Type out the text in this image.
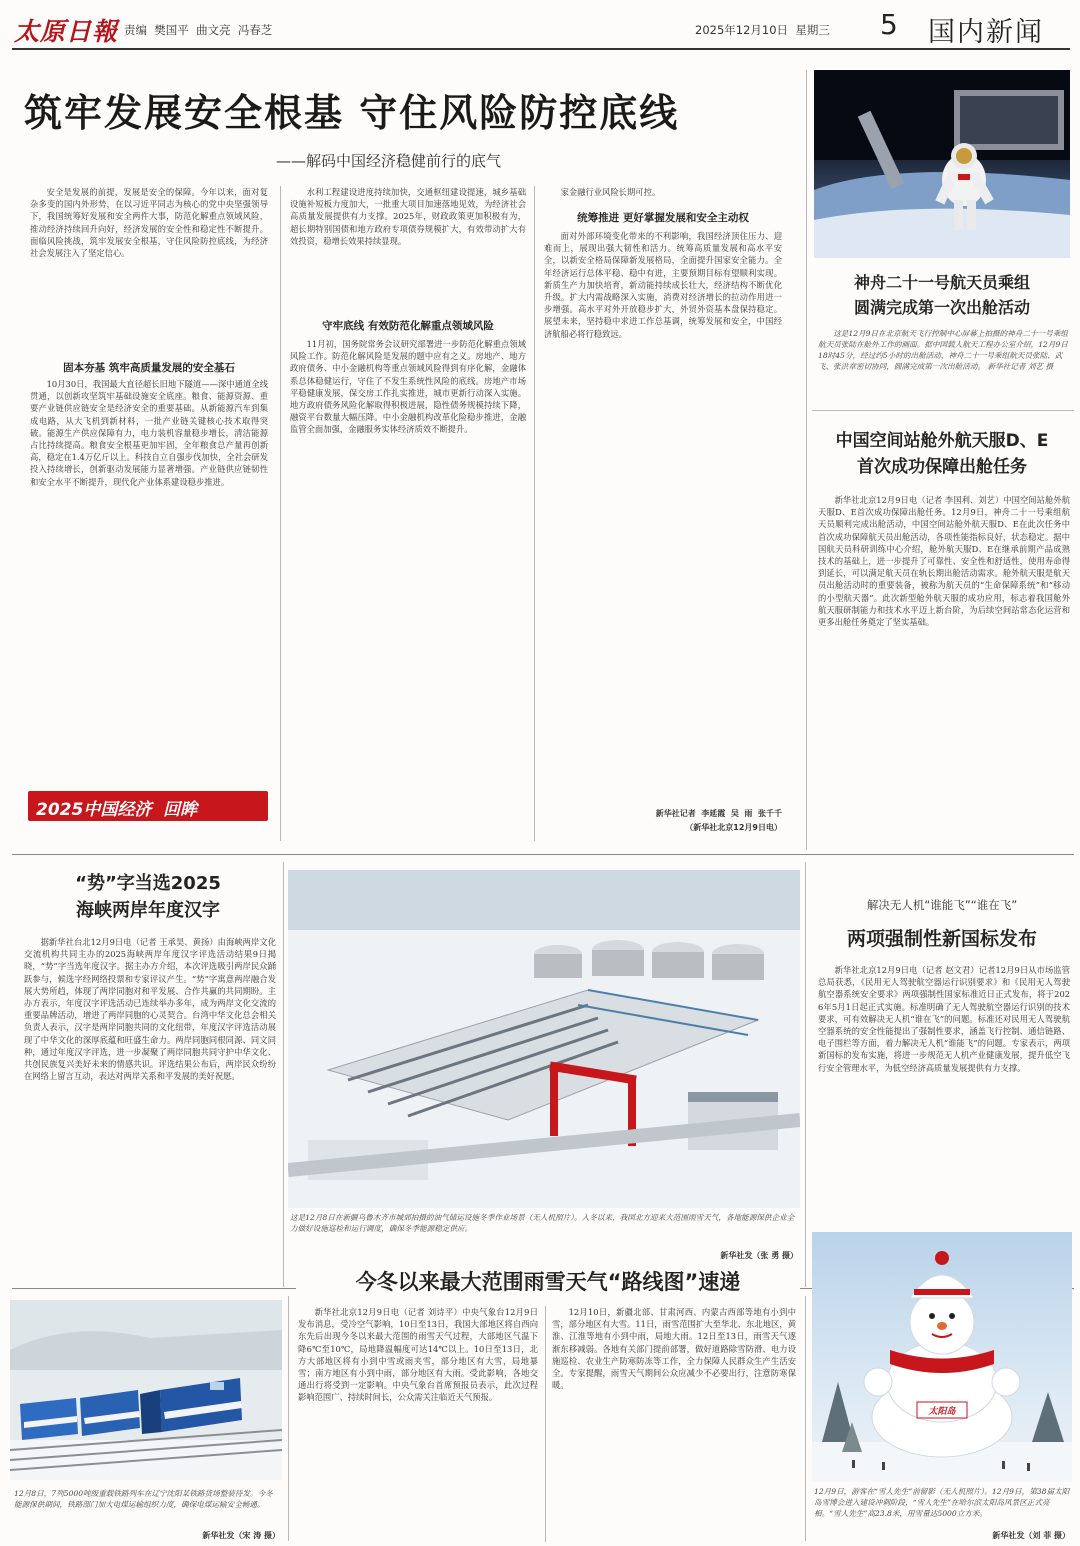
太原日報 责编  樊国平  曲文亮  冯春芝	2025年12月10日  星期三 5 国内新闻
筑牢发展安全根基 守住风险防控底线
——解码中国经济稳健前行的底气

安全是发展的前提，发展是安全的保障。今年以来，面对复杂多变的国内外形势，在以习近平同志为核心的党中央坚强领导下，我国统筹好发展和安全两件大事，防范化解重点领域风险，推动经济持续回升向好，经济发展的安全性和稳定性不断提升。面临风险挑战，筑牢发展安全根基，守住风险防控底线，为经济社会发展注入了坚定信心。

固本夯基 筑牢高质量发展的安全基石

10月30日，我国最大直径超长旧地下隧道——深中通道全线贯通，以创新攻坚筑牢基础设施安全底座。粮食、能源资源、重要产业链供应链安全是经济安全的重要基础。从新能源汽车到集成电路，从大飞机到新材料，一批产业链关键核心技术取得突破。能源生产供应保障有力，电力装机容量稳步增长，清洁能源占比持续提高。粮食安全根基更加牢固，全年粮食总产量再创新高，稳定在1.4万亿斤以上。科技自立自强步伐加快，全社会研发投入持续增长，创新驱动发展能力显著增强。产业链供应链韧性和安全水平不断提升，现代化产业体系建设稳步推进。

2025中国经济  回眸

水利工程建设进度持续加快，交通枢纽建设提速，城乡基础设施补短板力度加大，一批重大项目加速落地见效，为经济社会高质量发展提供有力支撑。2025年，财政政策更加积极有为，超长期特别国债和地方政府专项债券规模扩大，有效带动扩大有效投资，稳增长效果持续显现。

守牢底线 有效防范化解重点领域风险

11月初，国务院常务会议研究部署进一步防范化解重点领域风险工作。防范化解风险是发展的题中应有之义。房地产、地方政府债务、中小金融机构等重点领域风险得到有序化解，金融体系总体稳健运行，守住了不发生系统性风险的底线。房地产市场平稳健康发展，保交房工作扎实推进，城市更新行动深入实施。地方政府债务风险化解取得积极进展，隐性债务规模持续下降，融资平台数量大幅压降。中小金融机构改革化险稳步推进，金融监管全面加强，金融服务实体经济质效不断提升。

家金融行业风险长期可控。

统筹推进 更好掌握发展和安全主动权

面对外部环境变化带来的不利影响，我国经济顶住压力、迎难而上，展现出强大韧性和活力。统筹高质量发展和高水平安全，以新安全格局保障新发展格局，全面提升国家安全能力。全年经济运行总体平稳、稳中有进，主要预期目标有望顺利实现。新质生产力加快培育，新动能持续成长壮大，经济结构不断优化升级。扩大内需战略深入实施，消费对经济增长的拉动作用进一步增强。高水平对外开放稳步扩大，外贸外资基本盘保持稳定。展望未来，坚持稳中求进工作总基调，统筹发展和安全，中国经济航船必将行稳致远。

新华社记者  李延霞  吴  雨  张千千
（新华社北京12月9日电）
神舟二十一号航天员乘组
圆满完成第一次出舱活动

这是12月9日在北京航天飞行控制中心屏幕上拍摄的神舟二十一号乘组航天员张陆在舱外工作的画面。据中国载人航天工程办公室介绍，12月9日18时45分，经过约5小时的出舱活动，神舟二十一号乘组航天员张陆、武飞、张洪章密切协同，圆满完成第一次出舱活动。 新华社记者 刘艺 摄

中国空间站舱外航天服D、E
首次成功保障出舱任务

新华社北京12月9日电（记者 李国利、刘艺）中国空间站舱外航天服D、E首次成功保障出舱任务。12月9日，神舟二十一号乘组航天员顺利完成出舱活动，中国空间站舱外航天服D、E在此次任务中首次成功保障航天员出舱活动，各项性能指标良好，状态稳定。据中国航天员科研训练中心介绍，舱外航天服D、E在继承前期产品成熟技术的基础上，进一步提升了可靠性、安全性和舒适性，使用寿命得到延长，可以满足航天员在轨长期出舱活动需求。舱外航天服是航天员出舱活动时的重要装备，被称为航天员的“生命保障系统”和“移动的小型航天器”。此次新型舱外航天服的成功应用，标志着我国舱外航天服研制能力和技术水平迈上新台阶，为后续空间站常态化运营和更多出舱任务奠定了坚实基础。

“势”字当选2025
海峡两岸年度汉字

据新华社台北12月9日电（记者 王承昊、黄扬）由海峡两岸文化交流机构共同主办的2025海峡两岸年度汉字评选活动结果9日揭晓，“势”字当选年度汉字。据主办方介绍，本次评选吸引两岸民众踊跃参与，候选字经网络投票和专家评议产生。“势”字寓意两岸融合发展大势所趋，体现了两岸同胞对和平发展、合作共赢的共同期盼。主办方表示，年度汉字评选活动已连续举办多年，成为两岸文化交流的重要品牌活动，增进了两岸同胞的心灵契合。台湾中华文化总会相关负责人表示，汉字是两岸同胞共同的文化纽带，年度汉字评选活动展现了中华文化的深厚底蕴和旺盛生命力。两岸同胞同根同源、同文同种，通过年度汉字评选，进一步凝聚了两岸同胞共同守护中华文化、共创民族复兴美好未来的情感共识。评选结果公布后，两岸民众纷纷在网络上留言互动，表达对两岸关系和平发展的美好祝愿。

这是12月8日在新疆乌鲁木齐市城郊拍摄的油气储运设施冬季作业场景（无人机照片）。入冬以来，我国北方迎来大范围雨雪天气，各地能源保供企业全力做好设施巡检和运行调度，确保冬季能源稳定供应。

新华社发（张 勇 摄）
解决无人机“谁能飞”“谁在飞”
两项强制性新国标发布

新华社北京12月9日电（记者 赵文君）记者12月9日从市场监管总局获悉，《民用无人驾驶航空器运行识别要求》和《民用无人驾驶航空器系统安全要求》两项强制性国家标准近日正式发布，将于2026年5月1日起正式实施。标准明确了无人驾驶航空器运行识别的技术要求，可有效解决无人机“谁在飞”的问题。标准还对民用无人驾驶航空器系统的安全性能提出了强制性要求，涵盖飞行控制、通信链路、电子围栏等方面，着力解决无人机“谁能飞”的问题。专家表示，两项新国标的发布实施，将进一步规范无人机产业健康发展，提升低空飞行安全管理水平，为低空经济高质量发展提供有力支撑。

12月8日，7列5000吨级重载铁路列车在辽宁沈阳某铁路货场整装待发。今冬能源保供期间，铁路部门加大电煤运输组织力度，确保电煤运输安全畅通。

新华社发（宋 涛 摄）
今冬以来最大范围雨雪天气“路线图”速递

新华社北京12月9日电（记者 刘诗平）中央气象台12月9日发布消息，受冷空气影响，10日至13日，我国大部地区将自西向东先后出现今冬以来最大范围的雨雪天气过程，大部地区气温下降6℃至10℃，局地降温幅度可达14℃以上。10日至13日，北方大部地区将有小到中雪或雨夹雪，部分地区有大雪，局地暴雪；南方地区有小到中雨，部分地区有大雨。受此影响，各地交通出行将受到一定影响。中央气象台首席预报员表示，此次过程影响范围广、持续时间长，公众需关注临近天气预报。

12月10日，新疆北部、甘肃河西、内蒙古西部等地有小到中雪，部分地区有大雪。11日，雨雪范围扩大至华北、东北地区，黄淮、江淮等地有小到中雨，局地大雨。12日至13日，雨雪天气逐渐东移减弱。各地有关部门提前部署，做好道路除雪防滑、电力设施巡检、农业生产防寒防冻等工作，全力保障人民群众生产生活安全。专家提醒，雨雪天气期间公众应减少不必要出行，注意防寒保暖。

太阳岛

12月9日，游客在“雪人先生”前留影（无人机照片）。12月9日，第38届太阳岛雪博会进入建设冲刺阶段，“雪人先生”在哈尔滨太阳岛风景区正式亮相。“雪人先生”高23.8米，用雪量达5000立方米。

新华社发（刘 菲 摄）
